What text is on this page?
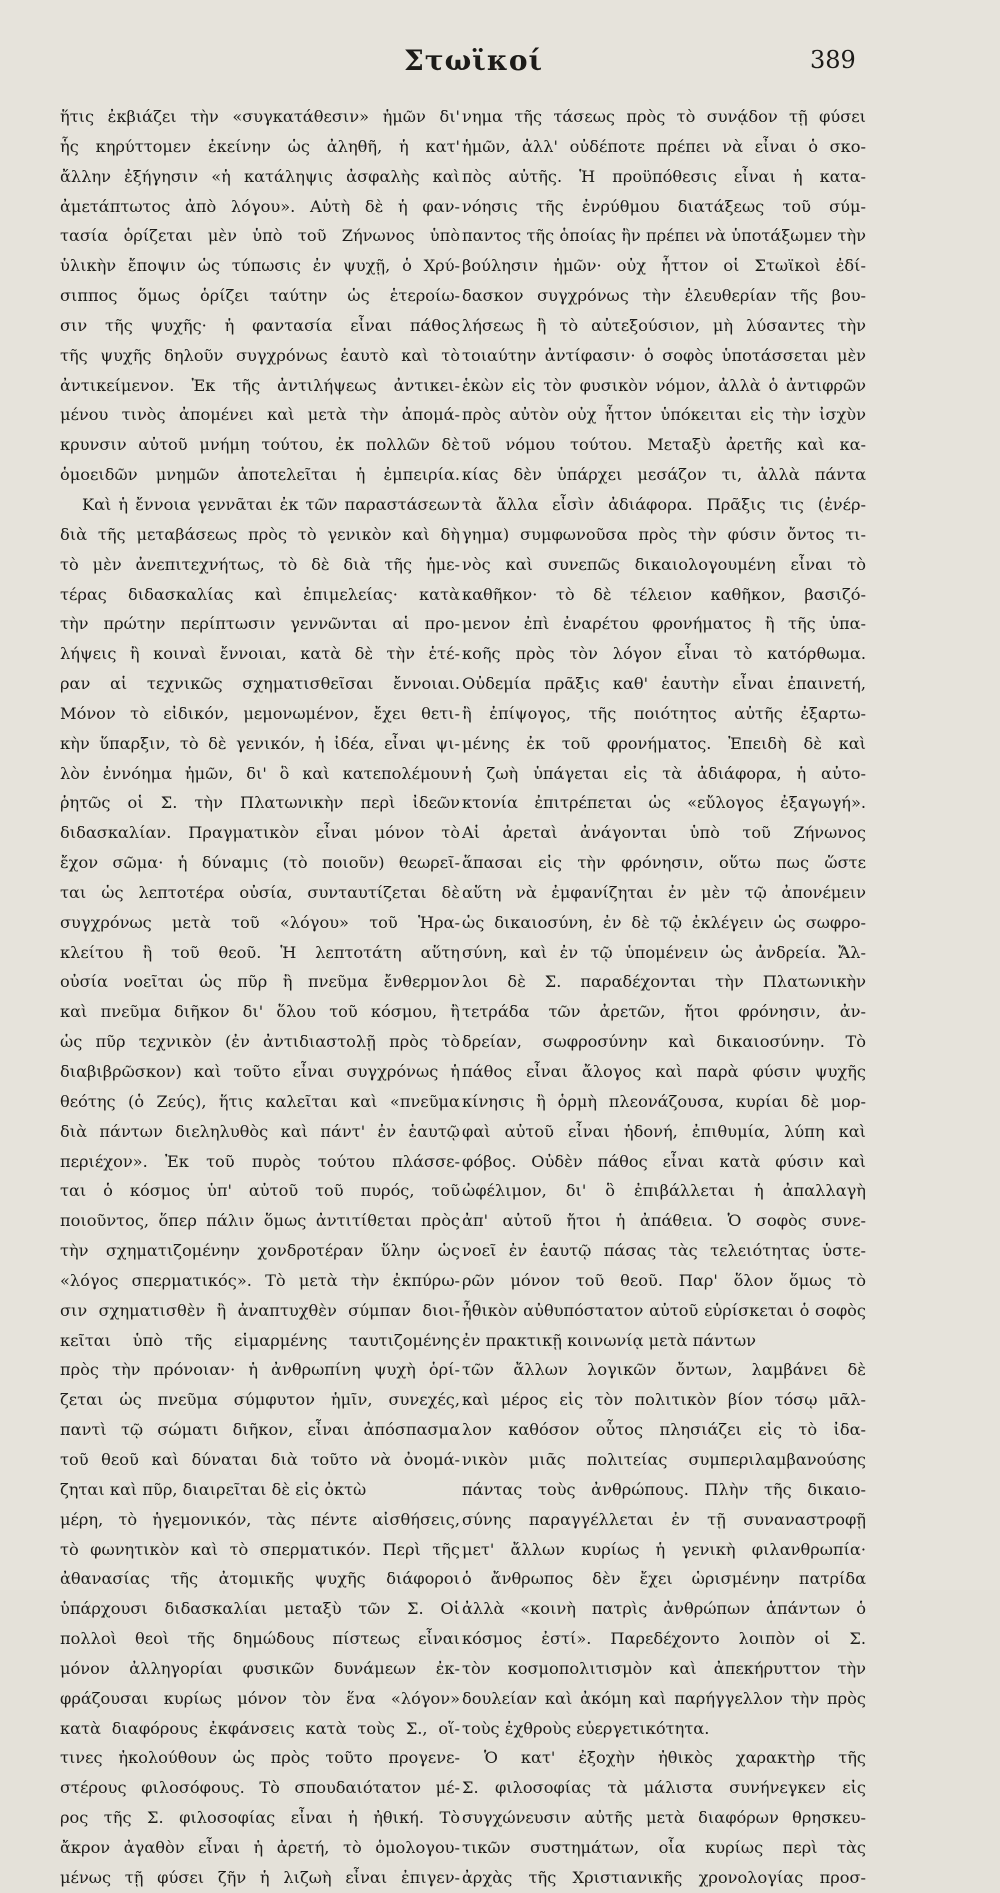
Στωϊκοί	389
ἥτις ἐκβιάζει τὴν «συγκατάθεσιν» ἡμῶν δι'
ἧς κηρύττομεν ἐκείνην ὡς ἀληθῆ, ἡ κατ'
ἄλλην ἐξήγησιν «ἡ κατάληψις ἀσφαλὴς καὶ
ἀμετάπτωτος ἀπὸ λόγου». Αὐτὴ δὲ ἡ φαν-
τασία ὁρίζεται μὲν ὑπὸ τοῦ Ζήνωνος ὑπὸ
ὑλικὴν ἔποψιν ὡς τύπωσις ἐν ψυχῇ, ὁ Χρύ-
σιππος ὅμως ὁρίζει ταύτην ὡς ἑτεροίω-
σιν τῆς ψυχῆς· ἡ φαντασία εἶναι πάθος
τῆς ψυχῆς δηλοῦν συγχρόνως ἑαυτὸ καὶ τὸ
ἀντικείμενον. Ἐκ τῆς ἀντιλήψεως ἀντικει-
μένου τινὸς ἀπομένει καὶ μετὰ τὴν ἀπομά-
κρυνσιν αὐτοῦ μνήμη τούτου, ἐκ πολλῶν δὲ
ὁμοειδῶν μνημῶν ἀποτελεῖται ἡ ἐμπειρία.
Καὶ ἡ ἔννοια γεννᾶται ἐκ τῶν παραστάσεων
διὰ τῆς μεταβάσεως πρὸς τὸ γενικὸν καὶ δὴ
τὸ μὲν ἀνεπιτεχνήτως, τὸ δὲ διὰ τῆς ἡμε-
τέρας διδασκαλίας καὶ ἐπιμελείας· κατὰ
τὴν πρώτην περίπτωσιν γεννῶνται αἱ προ-
λήψεις ἢ κοιναὶ ἔννοιαι, κατὰ δὲ τὴν ἑτέ-
ραν αἱ τεχνικῶς σχηματισθεῖσαι ἔννοιαι.
Μόνον τὸ εἰδικόν, μεμονωμένον, ἔχει θετι-
κὴν ὕπαρξιν, τὸ δὲ γενικόν, ἡ ἰδέα, εἶναι ψι-
λὸν ἐννόημα ἡμῶν, δι' ὃ καὶ κατεπολέμουν
ῥητῶς οἱ Σ. τὴν Πλατωνικὴν περὶ ἰδεῶν
διδασκαλίαν. Πραγματικὸν εἶναι μόνον τὸ
ἔχον σῶμα· ἡ δύναμις (τὸ ποιοῦν) θεωρεῖ-
ται ὡς λεπτοτέρα οὐσία, συνταυτίζεται δὲ
συγχρόνως μετὰ τοῦ «λόγου» τοῦ Ἡρα-
κλείτου ἢ τοῦ θεοῦ. Ἡ λεπτοτάτη αὕτη
οὐσία νοεῖται ὡς πῦρ ἢ πνεῦμα ἔνθερμον
καὶ πνεῦμα διῆκον δι' ὅλου τοῦ κόσμου, ἢ
ὡς πῦρ τεχνικὸν (ἐν ἀντιδιαστολῇ πρὸς τὸ
διαβιβρῶσκον) καὶ τοῦτο εἶναι συγχρόνως ἡ
θεότης (ὁ Ζεύς), ἥτις καλεῖται καὶ «πνεῦμα
διὰ πάντων διεληλυθὸς καὶ πάντ' ἐν ἑαυτῷ
περιέχον». Ἐκ τοῦ πυρὸς τούτου πλάσσε-
ται ὁ κόσμος ὑπ' αὐτοῦ τοῦ πυρός, τοῦ
ποιοῦντος, ὅπερ πάλιν ὅμως ἀντιτίθεται πρὸς
τὴν σχηματιζομένην χονδροτέραν ὕλην ὡς
«λόγος σπερματικός». Τὸ μετὰ τὴν ἐκπύρω-
σιν σχηματισθὲν ἢ ἀναπτυχθὲν σύμπαν διοι-
κεῖται ὑπὸ τῆς εἱμαρμένης ταυτιζομένης
πρὸς τὴν πρόνοιαν· ἡ ἀνθρωπίνη ψυχὴ ὁρί-
ζεται ὡς πνεῦμα σύμφυτον ἡμῖν, συνεχές,
παντὶ τῷ σώματι διῆκον, εἶναι ἀπόσπασμα
τοῦ θεοῦ καὶ δύναται διὰ τοῦτο νὰ ὀνομά-
ζηται καὶ πῦρ, διαιρεῖται δὲ εἰς ὀκτὼ
μέρη, τὸ ἡγεμονικόν, τὰς πέντε αἰσθήσεις,
τὸ φωνητικὸν καὶ τὸ σπερματικόν. Περὶ τῆς
ἀθανασίας τῆς ἀτομικῆς ψυχῆς διάφοροι
ὑπάρχουσι διδασκαλίαι μεταξὺ τῶν Σ. Οἱ
πολλοὶ θεοὶ τῆς δημώδους πίστεως εἶναι
μόνον ἀλληγορίαι φυσικῶν δυνάμεων ἐκ-
φράζουσαι κυρίως μόνον τὸν ἕνα «λόγον»
κατὰ διαφόρους ἐκφάνσεις κατὰ τοὺς Σ., οἵ-
τινες ἠκολούθουν ὡς πρὸς τοῦτο προγενε-
στέρους φιλοσόφους. Τὸ σπουδαιότατον μέ-
ρος τῆς Σ. φιλοσοφίας εἶναι ἡ ἠθική. Τὸ
ἄκρον ἀγαθὸν εἶναι ἡ ἀρετή, τὸ ὁμολογου-
μένως τῇ φύσει ζῆν ἡ λιζωὴ εἶναι ἐπιγεν-
νημα τῆς τάσεως πρὸς τὸ συνᾴδον τῇ φύσει
ἡμῶν, ἀλλ' οὐδέποτε πρέπει νὰ εἶναι ὁ σκο-
πὸς αὐτῆς. Ἡ προϋπόθεσις εἶναι ἡ κατα-
νόησις τῆς ἐνρύθμου διατάξεως τοῦ σύμ-
παντος τῆς ὁποίας ἢν πρέπει νὰ ὑποτάξωμεν τὴν
βούλησιν ἡμῶν· οὐχ ἧττον οἱ Στωϊκοὶ ἐδί-
δασκον συγχρόνως τὴν ἐλευθερίαν τῆς βου-
λήσεως ἢ τὸ αὐτεξούσιον, μὴ λύσαντες τὴν
τοιαύτην ἀντίφασιν· ὁ σοφὸς ὑποτάσσεται μὲν
ἑκὼν εἰς τὸν φυσικὸν νόμον, ἀλλὰ ὁ ἀντιφρῶν
πρὸς αὐτὸν οὐχ ἧττον ὑπόκειται εἰς τὴν ἰσχὺν
τοῦ νόμου τούτου. Μεταξὺ ἀρετῆς καὶ κα-
κίας δὲν ὑπάρχει μεσάζον τι, ἀλλὰ πάντα
τὰ ἄλλα εἶσὶν ἀδιάφορα. Πρᾶξις τις (ἐνέρ-
γημα) συμφωνοῦσα πρὸς τὴν φύσιν ὄντος τι-
νὸς καὶ συνεπῶς δικαιολογουμένη εἶναι τὸ
καθῆκον· τὸ δὲ τέλειον καθῆκον, βασιζό-
μενον ἐπὶ ἐναρέτου φρονήματος ἢ τῆς ὑπα-
κοῆς πρὸς τὸν λόγον εἶναι τὸ κατόρθωμα.
Οὐδεμία πρᾶξις καθ' ἑαυτὴν εἶναι ἐπαινετή,
ἢ ἐπίψογος, τῆς ποιότητος αὐτῆς ἐξαρτω-
μένης ἐκ τοῦ φρονήματος. Ἐπειδὴ δὲ καὶ
ἡ ζωὴ ὑπάγεται εἰς τὰ ἀδιάφορα, ἡ αὐτο-
κτονία ἐπιτρέπεται ὡς «εὔλογος ἐξαγωγή».
Αἱ ἀρεταὶ ἀνάγονται ὑπὸ τοῦ Ζήνωνος
ἅπασαι εἰς τὴν φρόνησιν, οὕτω πως ὥστε
αὕτη νὰ ἐμφανίζηται ἐν μὲν τῷ ἀπονέμειν
ὡς δικαιοσύνη, ἐν δὲ τῷ ἐκλέγειν ὡς σωφρο-
σύνη, καὶ ἐν τῷ ὑπομένειν ὡς ἀνδρεία. Ἄλ-
λοι δὲ Σ. παραδέχονται τὴν Πλατωνικὴν
τετράδα τῶν ἀρετῶν, ἤτοι φρόνησιν, ἀν-
δρείαν, σωφροσύνην καὶ δικαιοσύνην. Τὸ
πάθος εἶναι ἄλογος καὶ παρὰ φύσιν ψυχῆς
κίνησις ἢ ὁρμὴ πλεονάζουσα, κυρίαι δὲ μορ-
φαὶ αὐτοῦ εἶναι ἡδονή, ἐπιθυμία, λύπη καὶ
φόβος. Οὐδὲν πάθος εἶναι κατὰ φύσιν καὶ
ὠφέλιμον, δι' ὃ ἐπιβάλλεται ἡ ἀπαλλαγὴ
ἀπ' αὐτοῦ ἤτοι ἡ ἀπάθεια. Ὁ σοφὸς συνε-
νοεῖ ἐν ἑαυτῷ πάσας τὰς τελειότητας ὑστε-
ρῶν μόνον τοῦ θεοῦ. Παρ' ὅλον ὅμως τὸ
ἦθικὸν αὐθυπόστατον αὐτοῦ εὑρίσκεται ὁ σοφὸς
ἐν πρακτικῇ κοινωνίᾳ μετὰ πάντων
τῶν ἄλλων λογικῶν ὄντων, λαμβάνει δὲ
καὶ μέρος εἰς τὸν πολιτικὸν βίον τόσῳ μᾶλ-
λον καθόσον οὗτος πλησιάζει εἰς τὸ ἰδα-
νικὸν μιᾶς πολιτείας συμπεριλαμβανούσης
πάντας τοὺς ἀνθρώπους. Πλὴν τῆς δικαιο-
σύνης παραγγέλλεται ἐν τῇ συναναστροφῇ
μετ' ἄλλων κυρίως ἡ γενικὴ φιλανθρωπία·
ὁ ἄνθρωπος δὲν ἔχει ὡρισμένην πατρίδα
ἀλλὰ «κοινὴ πατρὶς ἀνθρώπων ἁπάντων ὁ
κόσμος ἐστί». Παρεδέχοντο λοιπὸν οἱ Σ.
τὸν κοσμοπολιτισμὸν καὶ ἀπεκήρυττον τὴν
δουλείαν καὶ ἀκόμη καὶ παρήγγελλον τὴν πρὸς
τοὺς ἐχθροὺς εὐεργετικότητα.
Ὁ κατ' ἐξοχὴν ἠθικὸς χαρακτὴρ τῆς
Σ. φιλοσοφίας τὰ μάλιστα συνήνεγκεν εἰς
συγχώνευσιν αὐτῆς μετὰ διαφόρων θρησκευ-
τικῶν συστημάτων, οἷα κυρίως περὶ τὰς
ἀρχὰς τῆς Χριστιανικῆς χρονολογίας προσ-
